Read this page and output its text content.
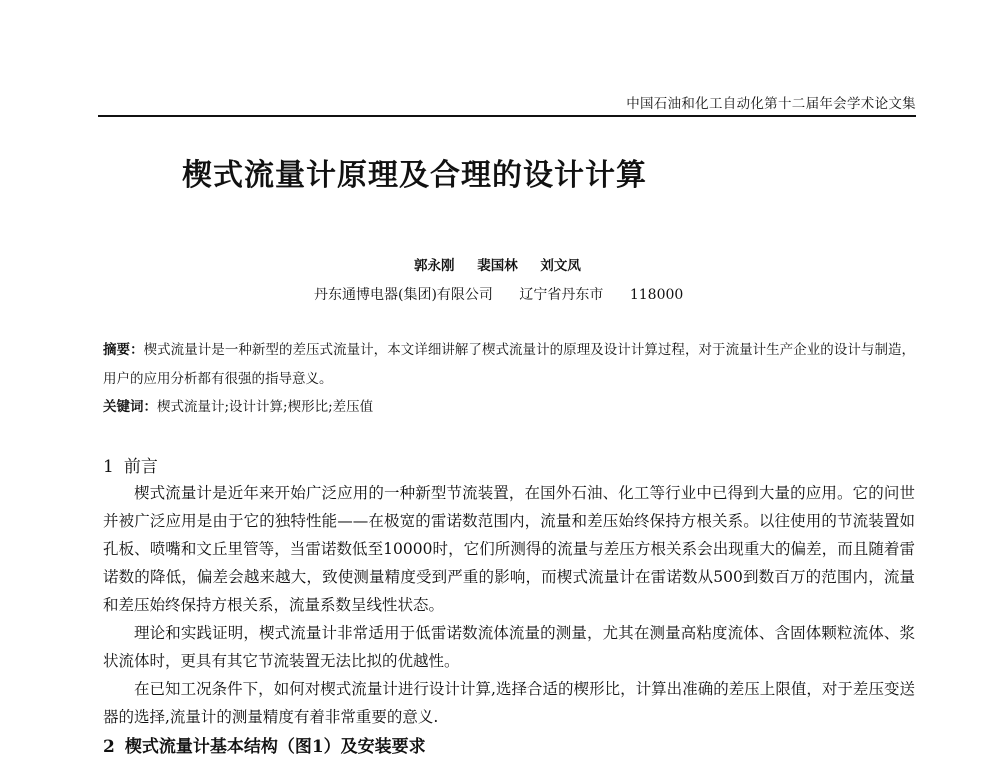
中国石油和化工自动化第十二届年会学术论文集
楔式流量计原理及合理的设计计算
郭永刚 裴国林 刘文凤
丹东通博电器(集团)有限公司 辽宁省丹东市 118000
摘要：楔式流量计是一种新型的差压式流量计，本文详细讲解了楔式流量计的原理及设计计算过程，对于流量计生产企业的设计与制造，用户的应用分析都有很强的指导意义。
关键词：楔式流量计;设计计算;楔形比;差压值
1 前言

楔式流量计是近年来开始广泛应用的一种新型节流装置，在国外石油、化工等行业中已得到大量的应用。它的问世并被广泛应用是由于它的独特性能——在极宽的雷诺数范围内，流量和差压始终保持方根关系。以往使用的节流装置如孔板、喷嘴和文丘里管等，当雷诺数低至10000时，它们所测得的流量与差压方根关系会出现重大的偏差，而且随着雷诺数的降低，偏差会越来越大，致使测量精度受到严重的影响，而楔式流量计在雷诺数从500到数百万的范围内，流量和差压始终保持方根关系，流量系数呈线性状态。

理论和实践证明，楔式流量计非常适用于低雷诺数流体流量的测量，尤其在测量高粘度流体、含固体颗粒流体、浆状流体时，更具有其它节流装置无法比拟的优越性。

在已知工况条件下，如何对楔式流量计进行设计计算,选择合适的楔形比，计算出准确的差压上限值，对于差压变送器的选择,流量计的测量精度有着非常重要的意义.

2 楔式流量计基本结构（图1）及安装要求
